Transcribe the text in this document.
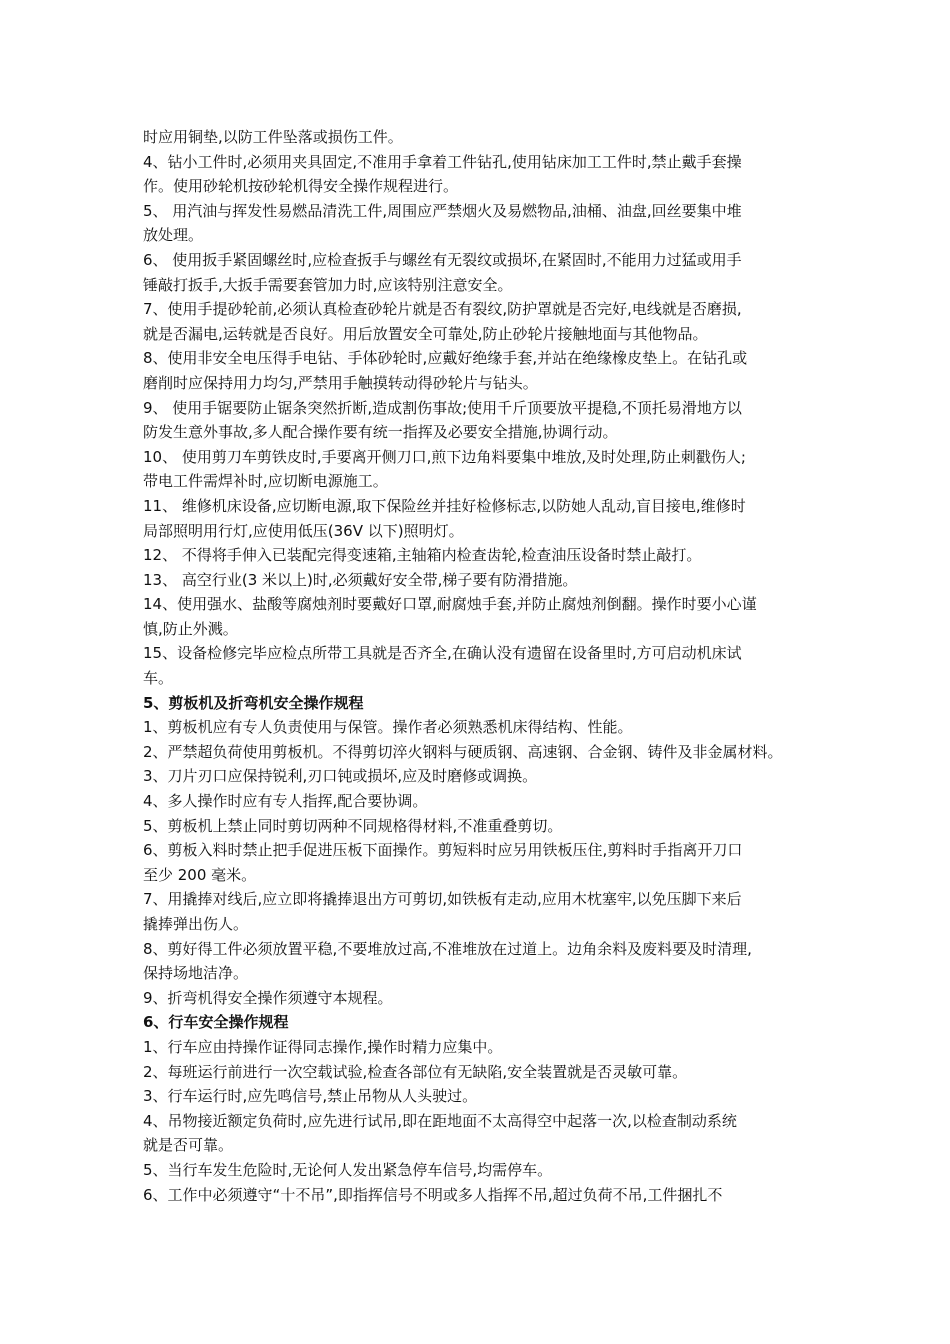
时应用铜垫,以防工件坠落或损伤工件。

4、钻小工件时,必须用夹具固定,不准用手拿着工件钻孔,使用钻床加工工件时,禁止戴手套操

作。使用砂轮机按砂轮机得安全操作规程进行。

5、 用汽油与挥发性易燃品清洗工件,周围应严禁烟火及易燃物品,油桶、油盘,回丝要集中堆

放处理。

6、 使用扳手紧固螺丝时,应检查扳手与螺丝有无裂纹或损坏,在紧固时,不能用力过猛或用手

锤敲打扳手,大扳手需要套管加力时,应该特别注意安全。

7、使用手提砂轮前,必须认真检查砂轮片就是否有裂纹,防护罩就是否完好,电线就是否磨损,

就是否漏电,运转就是否良好。用后放置安全可靠处,防止砂轮片接触地面与其他物品。

8、使用非安全电压得手电钻、手体砂轮时,应戴好绝缘手套,并站在绝缘橡皮垫上。在钻孔或

磨削时应保持用力均匀,严禁用手触摸转动得砂轮片与钻头。

9、 使用手锯要防止锯条突然折断,造成割伤事故;使用千斤顶要放平提稳,不顶托易滑地方以

防发生意外事故,多人配合操作要有统一指挥及必要安全措施,协调行动。

10、 使用剪刀车剪铁皮时,手要离开侧刀口,煎下边角料要集中堆放,及时处理,防止刺戳伤人;

带电工件需焊补时,应切断电源施工。

11、 维修机床设备,应切断电源,取下保险丝并挂好检修标志,以防她人乱动,盲目接电,维修时

局部照明用行灯,应使用低压(36V 以下)照明灯。

12、 不得将手伸入已装配完得变速箱,主轴箱内检查齿轮,检查油压设备时禁止敲打。

13、 高空行业(3 米以上)时,必须戴好安全带,梯子要有防滑措施。

14、使用强水、盐酸等腐烛剂时要戴好口罩,耐腐烛手套,并防止腐烛剂倒翻。操作时要小心谨

慎,防止外溅。

15、设备检修完毕应检点所带工具就是否齐全,在确认没有遗留在设备里时,方可启动机床试

车。

5、剪板机及折弯机安全操作规程

1、剪板机应有专人负责使用与保管。操作者必须熟悉机床得结构、性能。

2、严禁超负荷使用剪板机。不得剪切淬火钢料与硬质钢、高速钢、合金钢、铸件及非金属材料。

3、刀片刃口应保持锐利,刃口钝或损坏,应及时磨修或调换。

4、多人操作时应有专人指挥,配合要协调。

5、剪板机上禁止同时剪切两种不同规格得材料,不准重叠剪切。

6、剪板入料时禁止把手促进压板下面操作。剪短料时应另用铁板压住,剪料时手指离开刀口

至少 200 毫米。

7、用撬捧对线后,应立即将撬捧退出方可剪切,如铁板有走动,应用木枕塞牢,以免压脚下来后

撬捧弹出伤人。

8、剪好得工件必须放置平稳,不要堆放过高,不准堆放在过道上。边角余料及废料要及时清理,

保持场地洁净。

9、折弯机得安全操作须遵守本规程。

6、行车安全操作规程

1、行车应由持操作证得同志操作,操作时精力应集中。

2、每班运行前进行一次空载试验,检查各部位有无缺陷,安全装置就是否灵敏可靠。

3、行车运行时,应先鸣信号,禁止吊物从人头驶过。

4、吊物接近额定负荷时,应先进行试吊,即在距地面不太高得空中起落一次,以检查制动系统

就是否可靠。

5、当行车发生危险时,无论何人发出紧急停车信号,均需停车。

6、工作中必须遵守“十不吊”,即指挥信号不明或多人指挥不吊,超过负荷不吊,工件捆扎不
